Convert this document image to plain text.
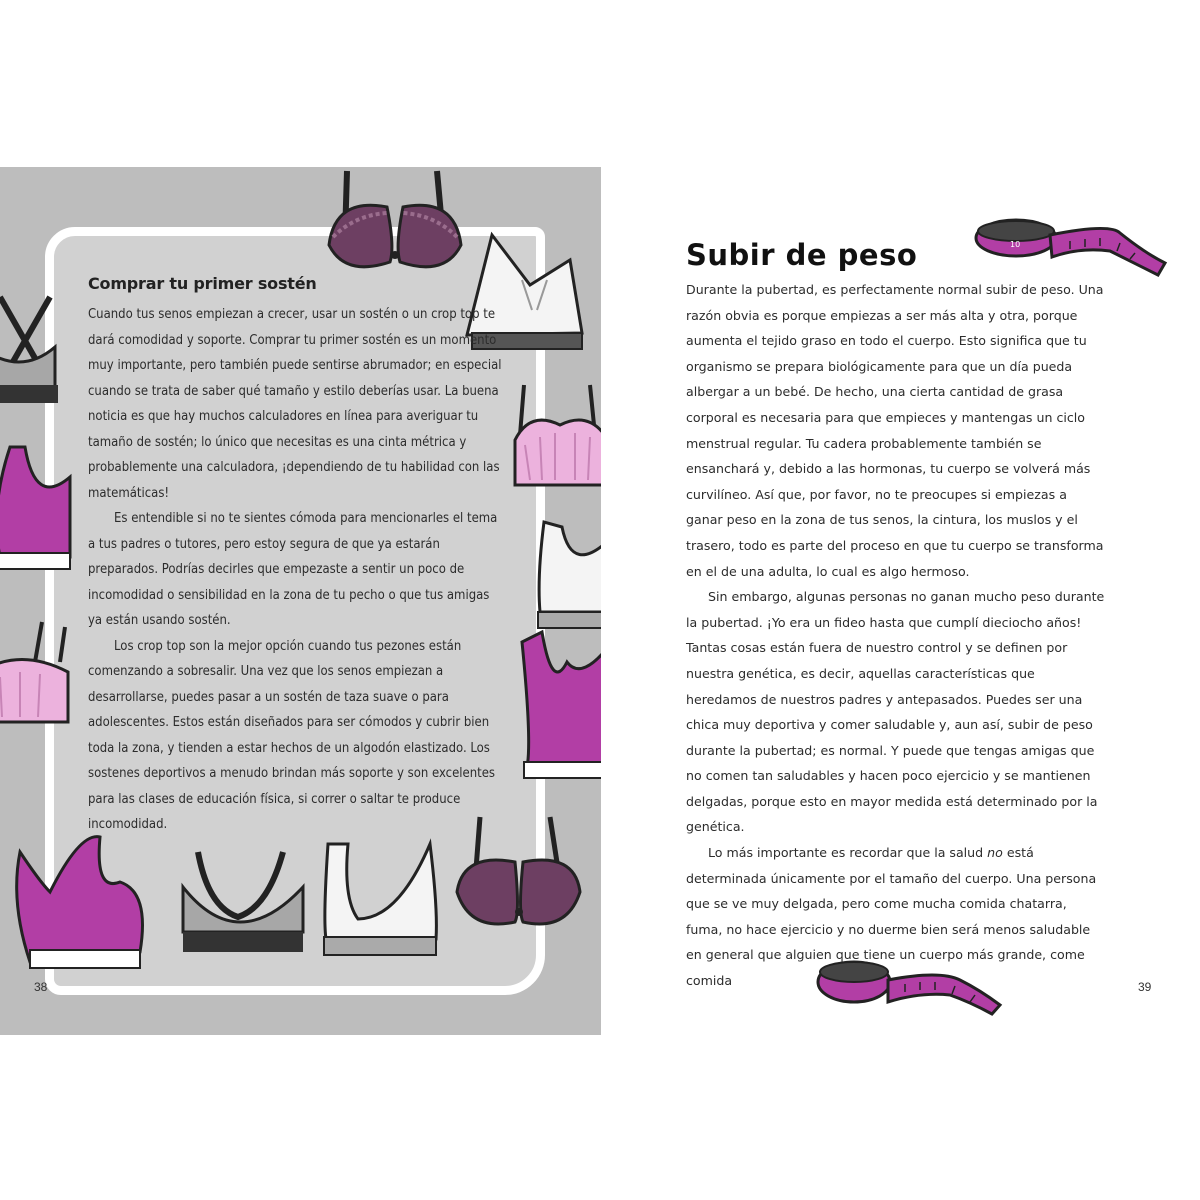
Comprar tu primer sostén

Cuando tus senos empiezan a crecer, usar un sostén o un crop top te dará comodidad y soporte. Comprar tu primer sostén es un momento muy importante, pero también puede sentirse abrumador; en especial cuando se trata de saber qué tamaño y estilo deberías usar. La buena noticia es que hay muchos calculadores en línea para averiguar tu tamaño de sostén; lo único que necesitas es una cinta métrica y probablemente una calculadora, ¡dependiendo de tu habilidad con las matemáticas!

Es entendible si no te sientes cómoda para mencionarles el tema a tus padres o tutores, pero estoy segura de que ya estarán preparados. Podrías decirles que empezaste a sentir un poco de incomodidad o sensibilidad en la zona de tu pecho o que tus amigas ya están usando sostén.

Los crop top son la mejor opción cuando tus pezones están comenzando a sobresalir. Una vez que los senos empiezan a desarrollarse, puedes pasar a un sostén de taza suave o para adolescentes. Estos están diseñados para ser cómodos y cubrir bien toda la zona, y tienden a estar hechos de un algodón elastizado. Los sostenes deportivos a menudo brindan más soporte y son excelentes para las clases de educación física, si correr o saltar te produce incomodidad.

38
Subir de peso	10

Durante la pubertad, es perfectamente normal subir de peso. Una razón obvia es porque empiezas a ser más alta y otra, porque aumenta el tejido graso en todo el cuerpo. Esto significa que tu organismo se prepara biológicamente para que un día pueda albergar a un bebé. De hecho, una cierta cantidad de grasa corporal es necesaria para que empieces y mantengas un ciclo menstrual regular. Tu cadera probablemente también se ensanchará y, debido a las hormonas, tu cuerpo se volverá más curvilíneo. Así que, por favor, no te preocupes si empiezas a ganar peso en la zona de tus senos, la cintura, los muslos y el trasero, todo es parte del proceso en que tu cuerpo se transforma en el de una adulta, lo cual es algo hermoso.

Sin embargo, algunas personas no ganan mucho peso durante la pubertad. ¡Yo era un fideo hasta que cumplí dieciocho años! Tantas cosas están fuera de nuestro control y se definen por nuestra genética, es decir, aquellas características que heredamos de nuestros padres y antepasados. Puedes ser una chica muy deportiva y comer saludable y, aun así, subir de peso durante la pubertad; es normal. Y puede que tengas amigas que no comen tan saludables y hacen poco ejercicio y se mantienen delgadas, porque esto en mayor medida está determinado por la genética.

Lo más importante es recordar que la salud no está determinada únicamente por el tamaño del cuerpo. Una persona que se ve muy delgada, pero come mucha comida chatarra, fuma, no hace ejercicio y no duerme bien será menos saludable en general que alguien que tiene un cuerpo más grande, come comida	39
